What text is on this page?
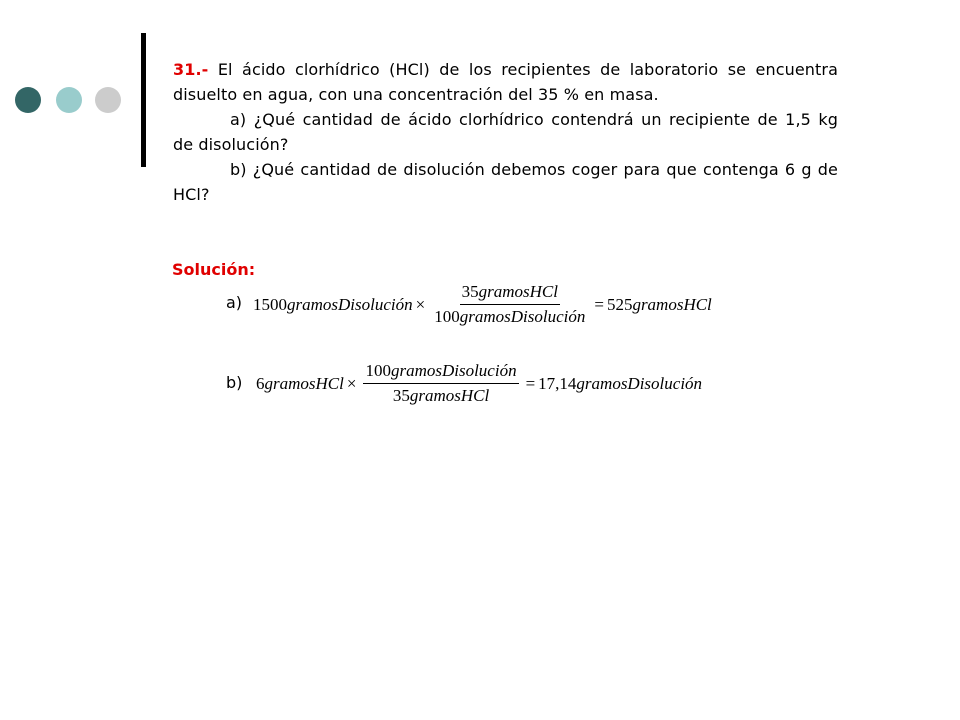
31.- El ácido clorhídrico (HCl) de los recipientes de laboratorio se encuentra disuelto en agua, con una concentración del 35 % en masa.

a) ¿Qué cantidad de ácido clorhídrico contendrá un recipiente de 1,5 kg de disolución?

b) ¿Qué cantidad de disolución debemos coger para que contenga 6 g de HCl?

Solución:
a) 1500 gramosDisolución × $\frac{\text{35gramosHCl}}{\text{100gramosDisolución}} = 525$ gramosHCl
b) 6 gramosHCl × $\frac{\text{100gramosDisolución}}{\text{35gramosHCl}} = 17,14$ gramosDisolución
